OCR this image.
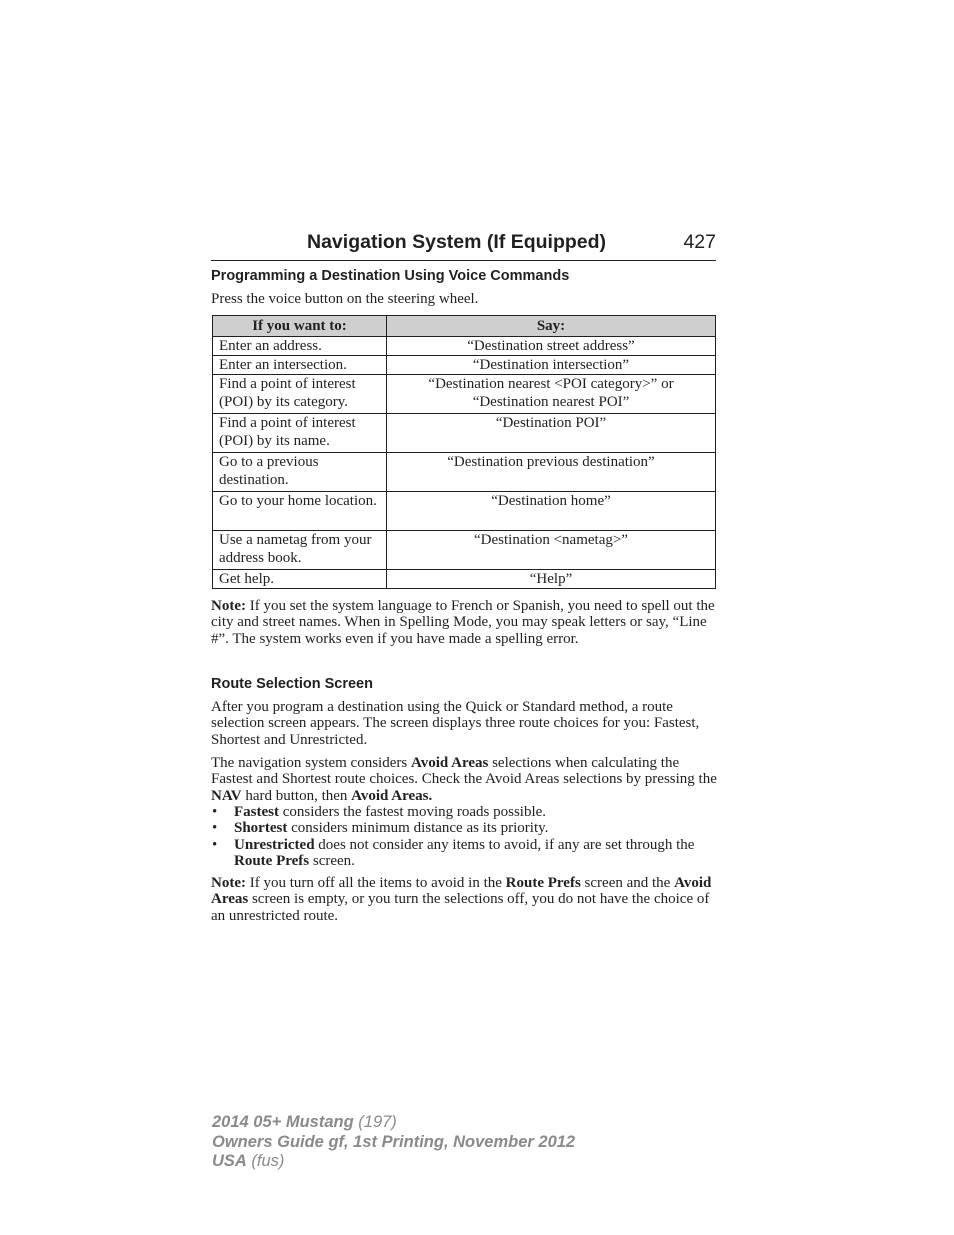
Navigation System (If Equipped)	427
Programming a Destination Using Voice Commands
Press the voice button on the steering wheel.
If you want to:	Say:
Enter an address.	“Destination street address”
Enter an intersection.	“Destination intersection”
Find a point of interest (POI) by its category.	“Destination nearest <POI category>” or “Destination nearest POI”
Find a point of interest (POI) by its name.	“Destination POI”
Go to a previous destination.	“Destination previous destination”
Go to your home location.	“Destination home”
Use a nametag from your address book.	“Destination <nametag>”
Get help.	“Help”
Note: If you set the system language to French or Spanish, you need to spell out the city and street names. When in Spelling Mode, you may speak letters or say, “Line #”. The system works even if you have made a spelling error.
Route Selection Screen
After you program a destination using the Quick or Standard method, a route selection screen appears. The screen displays three route choices for you: Fastest, Shortest and Unrestricted.
The navigation system considers Avoid Areas selections when calculating the Fastest and Shortest route choices. Check the Avoid Areas selections by pressing the NAV hard button, then Avoid Areas.
• Fastest considers the fastest moving roads possible.
• Shortest considers minimum distance as its priority.
• Unrestricted does not consider any items to avoid, if any are set through the Route Prefs screen.
Note: If you turn off all the items to avoid in the Route Prefs screen and the Avoid Areas screen is empty, or you turn the selections off, you do not have the choice of an unrestricted route.
2014 05+ Mustang (197)
Owners Guide gf, 1st Printing, November 2012
USA (fus)
